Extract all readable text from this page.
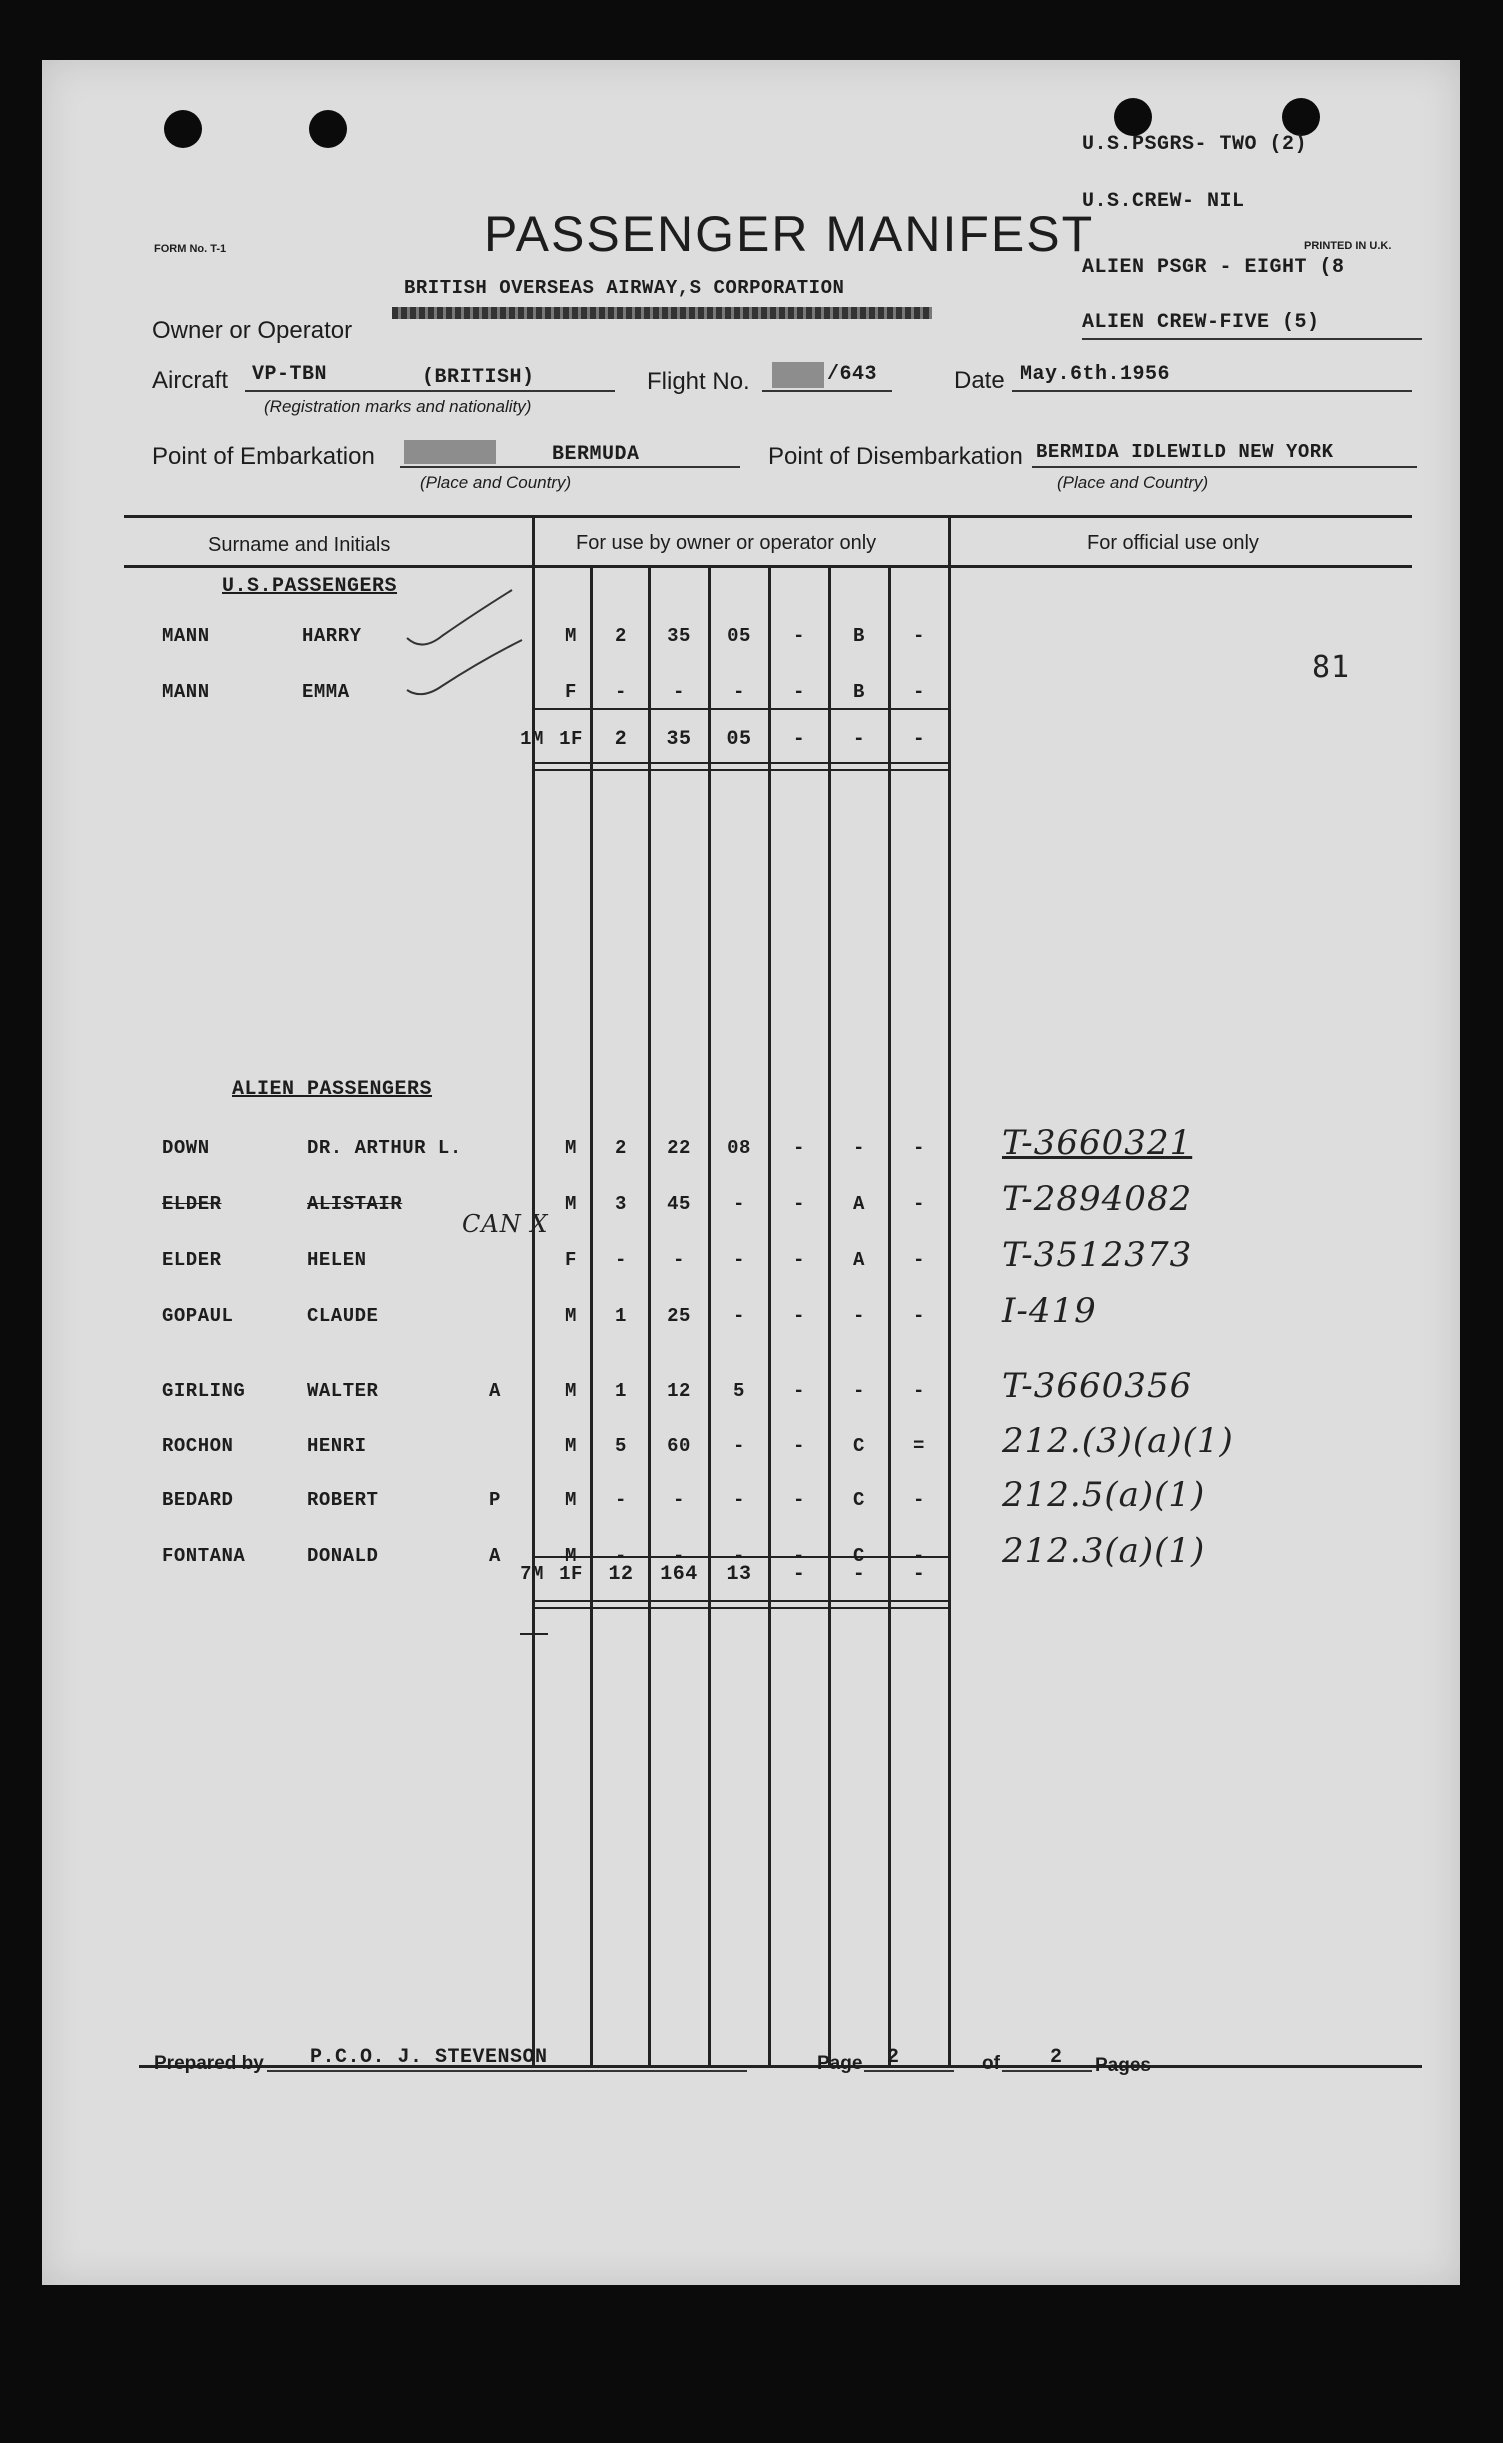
FORM No. T-1	PASSENGER MANIFEST	PRINTED IN U.K.
U.S.PSGRS- TWO (2)
U.S.CREW- NIL
ALIEN PSGR - EIGHT (8
ALIEN CREW-FIVE (5)
BRITISH OVERSEAS AIRWAY,S CORPORATION
Owner or Operator
Aircraft VP-TBN	(BRITISH)
(Registration marks and nationality)
Flight No.	/643	Date May.6th.1956
Point of Embarkation	BERMUDA
(Place and Country)
Point of Disembarkation BERMIDA IDLEWILD NEW YORK
(Place and Country)
Surname and Initials	For use by owner or operator only	For official use only
U.S.PASSENGERS
81
1M 1F	2	35	05	-	-	-
ALIEN PASSENGERS
CAN X
7M 1F	12	164	13	-	-	-
Prepared by P.C.O. J. STEVENSON	Page 2	of	2 Pages
MANN	HARRY	M	2	35	05	-	B	-
MANN	EMMA	F	-	-	-	-	B	-
DOWN	DR. ARTHUR L.	M	2	22	08	-	-	-	T-3660321
ELDER	ALISTAIR	M	3	45	-	-	A	-	T-2894082
ELDER	HELEN	F	-	-	-	-	A	-	T-3512373
GOPAUL	CLAUDE	M	1	25	-	-	-	-	I-419
GIRLING	WALTER	A	M	1	12	5	-	-	-	T-3660356
ROCHON	HENRI	M	5	60	-	-	C	=	212.(3)(a)(1)
BEDARD	ROBERT	P	M	-	-	-	-	C	-	212.5(a)(1)
FONTANA	DONALD	A	M	-	-	-	-	C	-	212.3(a)(1)
